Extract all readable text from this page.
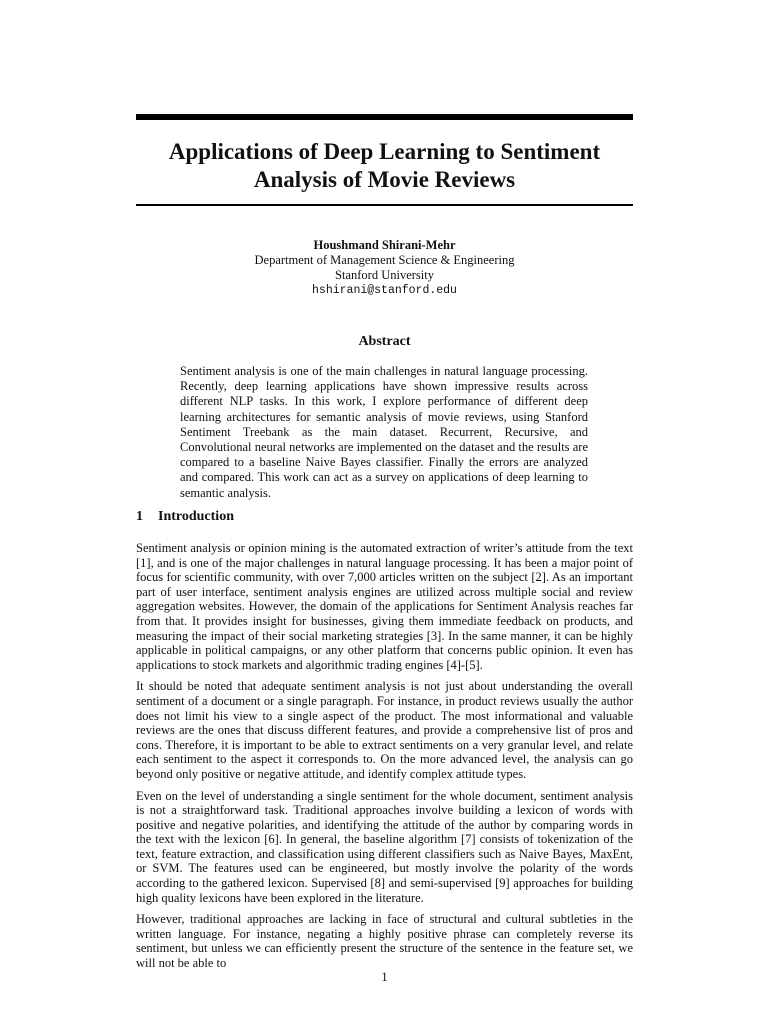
Applications of Deep Learning to Sentiment Analysis of Movie Reviews
Houshmand Shirani-Mehr
Department of Management Science & Engineering
Stanford University
hshirani@stanford.edu
Abstract
Sentiment analysis is one of the main challenges in natural language processing. Recently, deep learning applications have shown impressive results across different NLP tasks. In this work, I explore performance of different deep learning architectures for semantic analysis of movie reviews, using Stanford Sentiment Treebank as the main dataset. Recurrent, Recursive, and Convolutional neural networks are implemented on the dataset and the results are compared to a baseline Naive Bayes classifier. Finally the errors are analyzed and compared. This work can act as a survey on applications of deep learning to semantic analysis.
1 Introduction

Sentiment analysis or opinion mining is the automated extraction of writer’s attitude from the text [1], and is one of the major challenges in natural language processing. It has been a major point of focus for scientific community, with over 7,000 articles written on the subject [2]. As an important part of user interface, sentiment analysis engines are utilized across multiple social and review aggregation websites. However, the domain of the applications for Sentiment Analysis reaches far from that. It provides insight for businesses, giving them immediate feedback on products, and measuring the impact of their social marketing strategies [3]. In the same manner, it can be highly applicable in political campaigns, or any other platform that concerns public opinion. It even has applications to stock markets and algorithmic trading engines [4]-[5].

It should be noted that adequate sentiment analysis is not just about understanding the overall sentiment of a document or a single paragraph. For instance, in product reviews usually the author does not limit his view to a single aspect of the product. The most informational and valuable reviews are the ones that discuss different features, and provide a comprehensive list of pros and cons. Therefore, it is important to be able to extract sentiments on a very granular level, and relate each sentiment to the aspect it corresponds to. On the more advanced level, the analysis can go beyond only positive or negative attitude, and identify complex attitude types.

Even on the level of understanding a single sentiment for the whole document, sentiment analysis is not a straightforward task. Traditional approaches involve building a lexicon of words with positive and negative polarities, and identifying the attitude of the author by comparing words in the text with the lexicon [6]. In general, the baseline algorithm [7] consists of tokenization of the text, feature extraction, and classification using different classifiers such as Naive Bayes, MaxEnt, or SVM. The features used can be engineered, but mostly involve the polarity of the words according to the gathered lexicon. Supervised [8] and semi-supervised [9] approaches for building high quality lexicons have been explored in the literature.

However, traditional approaches are lacking in face of structural and cultural subtleties in the written language. For instance, negating a highly positive phrase can completely reverse its sentiment, but unless we can efficiently present the structure of the sentence in the feature set, we will not be able to

1
